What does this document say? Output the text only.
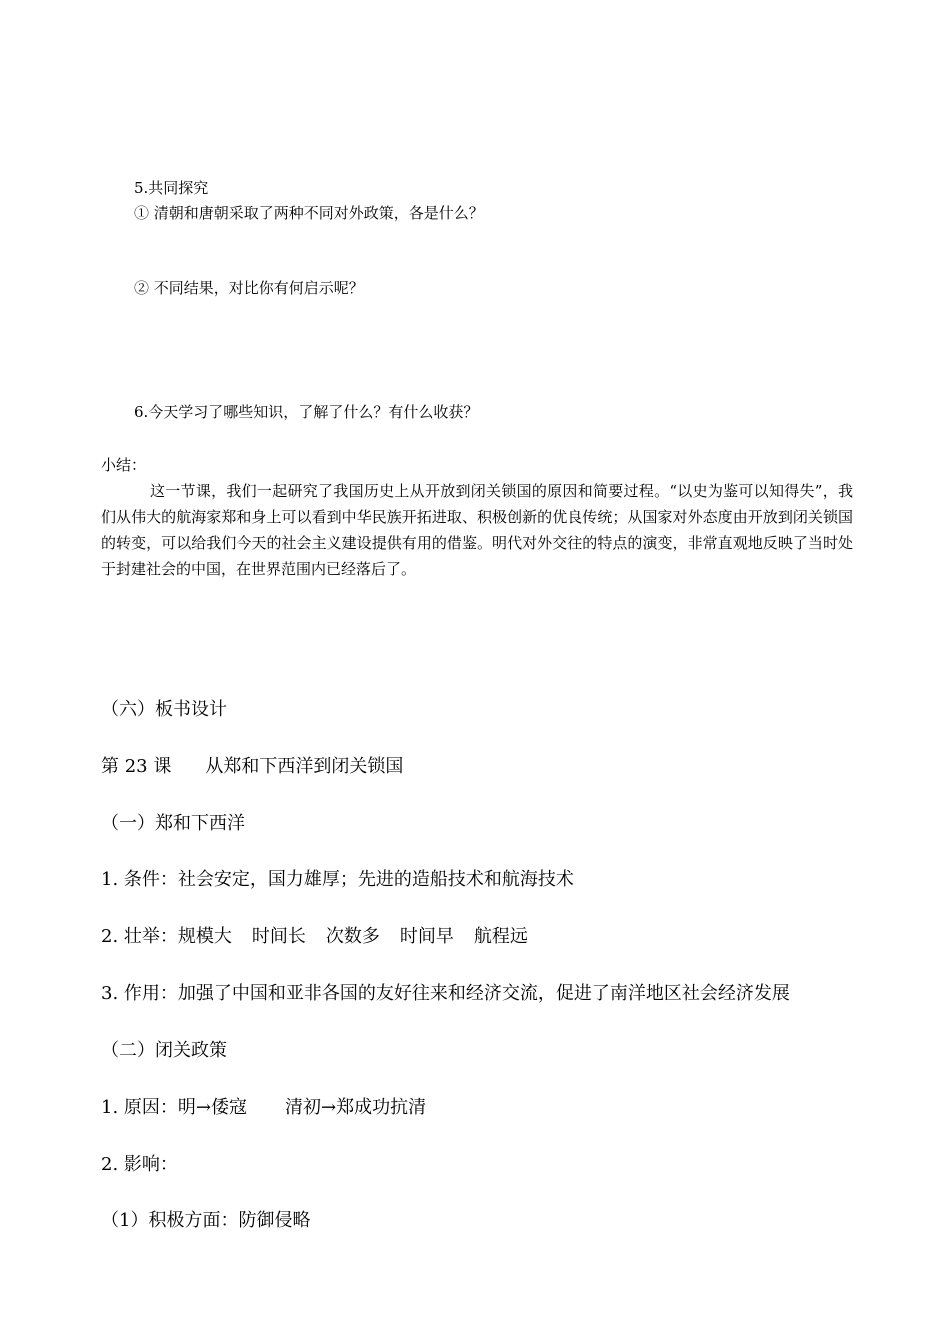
5.共同探究
① 清朝和唐朝采取了两种不同对外政策，各是什么？
② 不同结果，对比你有何启示呢？
6.今天学习了哪些知识，了解了什么？有什么收获？
小结：

这一节课，我们一起研究了我国历史上从开放到闭关锁国的原因和简要过程。“以史为鉴可以知得失”，我们从伟大的航海家郑和身上可以看到中华民族开拓进取、积极创新的优良传统；从国家对外态度由开放到闭关锁国的转变，可以给我们今天的社会主义建设提供有用的借鉴。明代对外交往的特点的演变，非常直观地反映了当时处于封建社会的中国，在世界范围内已经落后了。

（六）板书设计
第 23 课 从郑和下西洋到闭关锁国
（一）郑和下西洋
1. 条件：社会安定，国力雄厚；先进的造船技术和航海技术
2. 壮举：规模大 时间长 次数多 时间早 航程远
3. 作用：加强了中国和亚非各国的友好往来和经济交流，促进了南洋地区社会经济发展
（二）闭关政策
1. 原因：明→倭寇 清初→郑成功抗清
2. 影响：
（1）积极方面：防御侵略
